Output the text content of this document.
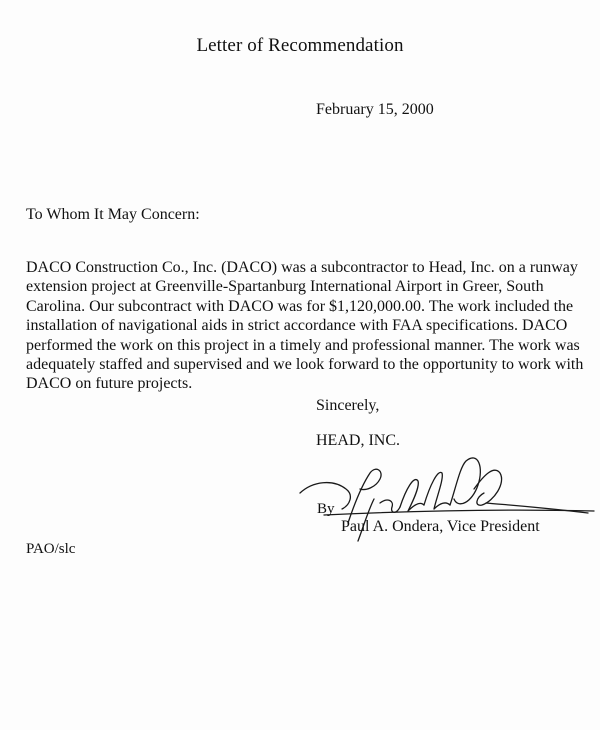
Letter of Recommendation
February 15, 2000
To Whom It May Concern:
DACO Construction Co., Inc. (DACO) was a subcontractor to Head, Inc. on a runway
extension project at Greenville-Spartanburg International Airport in Greer, South
Carolina. Our subcontract with DACO was for $1,120,000.00. The work included the
installation of navigational aids in strict accordance with FAA specifications. DACO
performed the work on this project in a timely and professional manner. The work was
adequately staffed and supervised and we look forward to the opportunity to work with
DACO on future projects.
Sincerely,
HEAD, INC.
By
Paul A. Ondera, Vice President
PAO/slc
